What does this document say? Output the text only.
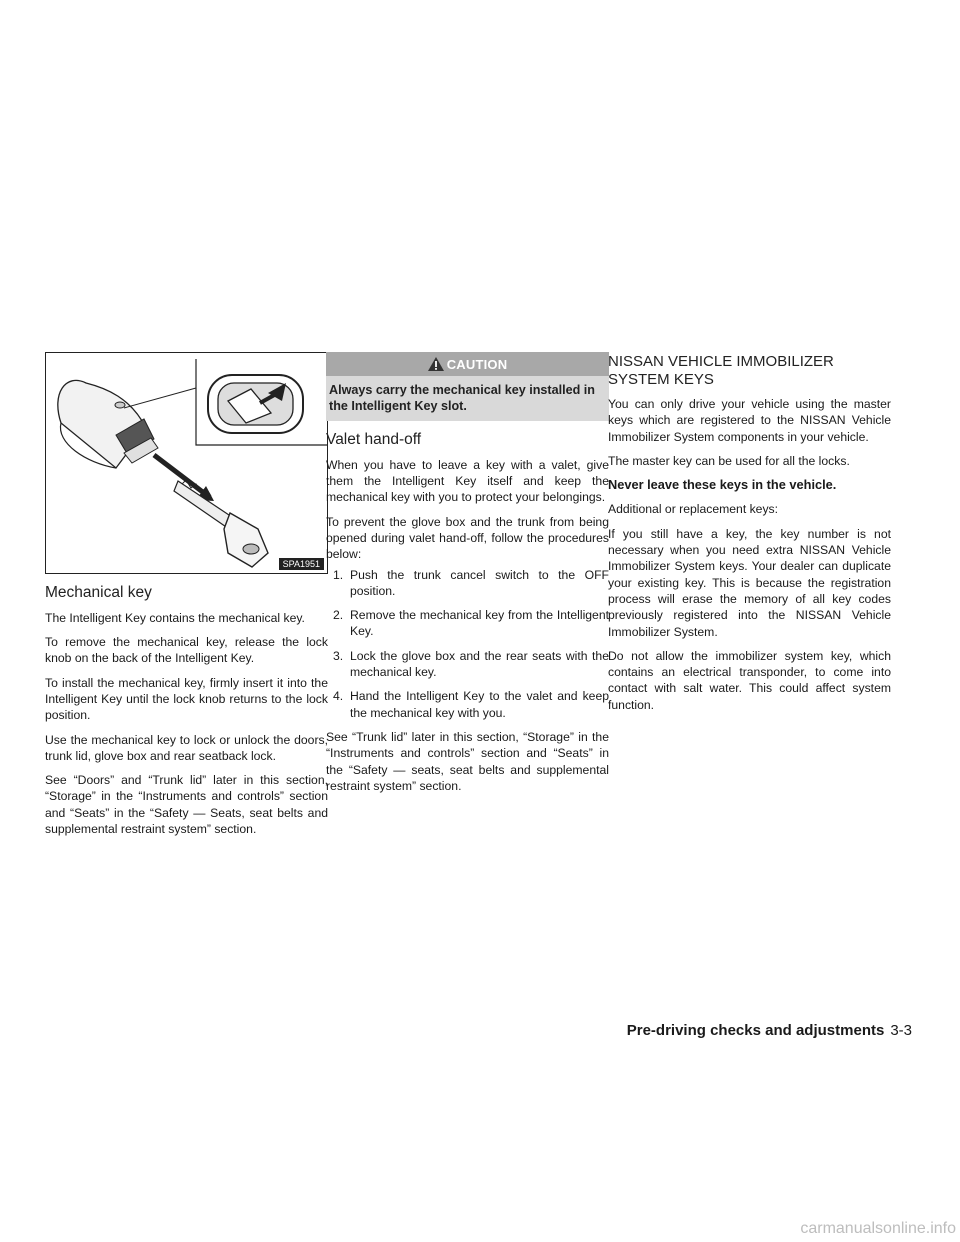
SPA1951
Mechanical key

The Intelligent Key contains the mechanical key.

To remove the mechanical key, release the lock knob on the back of the Intelligent Key.

To install the mechanical key, firmly insert it into the Intelligent Key until the lock knob returns to the lock position.

Use the mechanical key to lock or unlock the doors, trunk lid, glove box and rear seatback lock.

See “Doors” and “Trunk lid” later in this section, “Storage” in the “Instruments and controls” section and “Seats” in the “Safety — Seats, seat belts and supplemental restraint system” section.

CAUTION
Always carry the mechanical key installed in the Intelligent Key slot.
Valet hand-off

When you have to leave a key with a valet, give them the Intelligent Key itself and keep the mechanical key with you to protect your belongings.

To prevent the glove box and the trunk from being opened during valet hand-off, follow the procedures below:

1. Push the trunk cancel switch to the OFF position.
2. Remove the mechanical key from the Intelligent Key.
3. Lock the glove box and the rear seats with the mechanical key.
4. Hand the Intelligent Key to the valet and keep the mechanical key with you.

See “Trunk lid” later in this section, “Storage” in the “Instruments and controls” section and “Seats” in the “Safety — seats, seat belts and supplemental restraint system” section.

NISSAN VEHICLE IMMOBILIZER SYSTEM KEYS

You can only drive your vehicle using the master keys which are registered to the NISSAN Vehicle Immobilizer System components in your vehicle.

The master key can be used for all the locks.

Never leave these keys in the vehicle.

Additional or replacement keys:

If you still have a key, the key number is not necessary when you need extra NISSAN Vehicle Immobilizer System keys. Your dealer can duplicate your existing key. This is because the registration process will erase the memory of all key codes previously registered into the NISSAN Vehicle Immobilizer System.

Do not allow the immobilizer system key, which contains an electrical transponder, to come into contact with salt water. This could affect system function.

Pre-driving checks and adjustments 3-3
carmanualsonline.info
